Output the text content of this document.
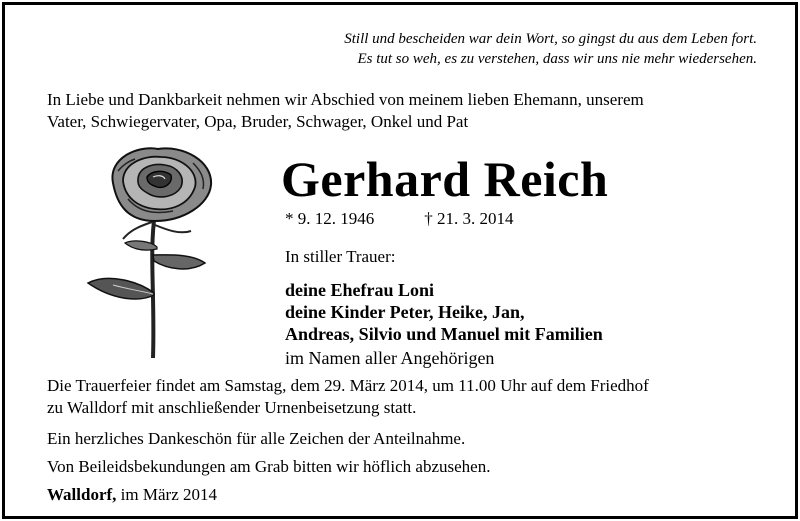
Still und bescheiden war dein Wort, so gingst du aus dem Leben fort.
Es tut so weh, es zu verstehen, dass wir uns nie mehr wiedersehen.
In Liebe und Dankbarkeit nehmen wir Abschied von meinem lieben Ehemann, unserem
Vater, Schwiegervater, Opa, Bruder, Schwager, Onkel und Pat
Gerhard Reich
* 9. 12. 1946	† 21. 3. 2014
In stiller Trauer:
deine Ehefrau Loni
deine Kinder Peter, Heike, Jan,
Andreas, Silvio und Manuel mit Familien
im Namen aller Angehörigen
Die Trauerfeier findet am Samstag, dem 29. März 2014, um 11.00 Uhr auf dem Friedhof
zu Walldorf mit anschließender Urnenbeisetzung statt.
Ein herzliches Dankeschön für alle Zeichen der Anteilnahme.
Von Beileidsbekundungen am Grab bitten wir höflich abzusehen.
Walldorf, im März 2014
